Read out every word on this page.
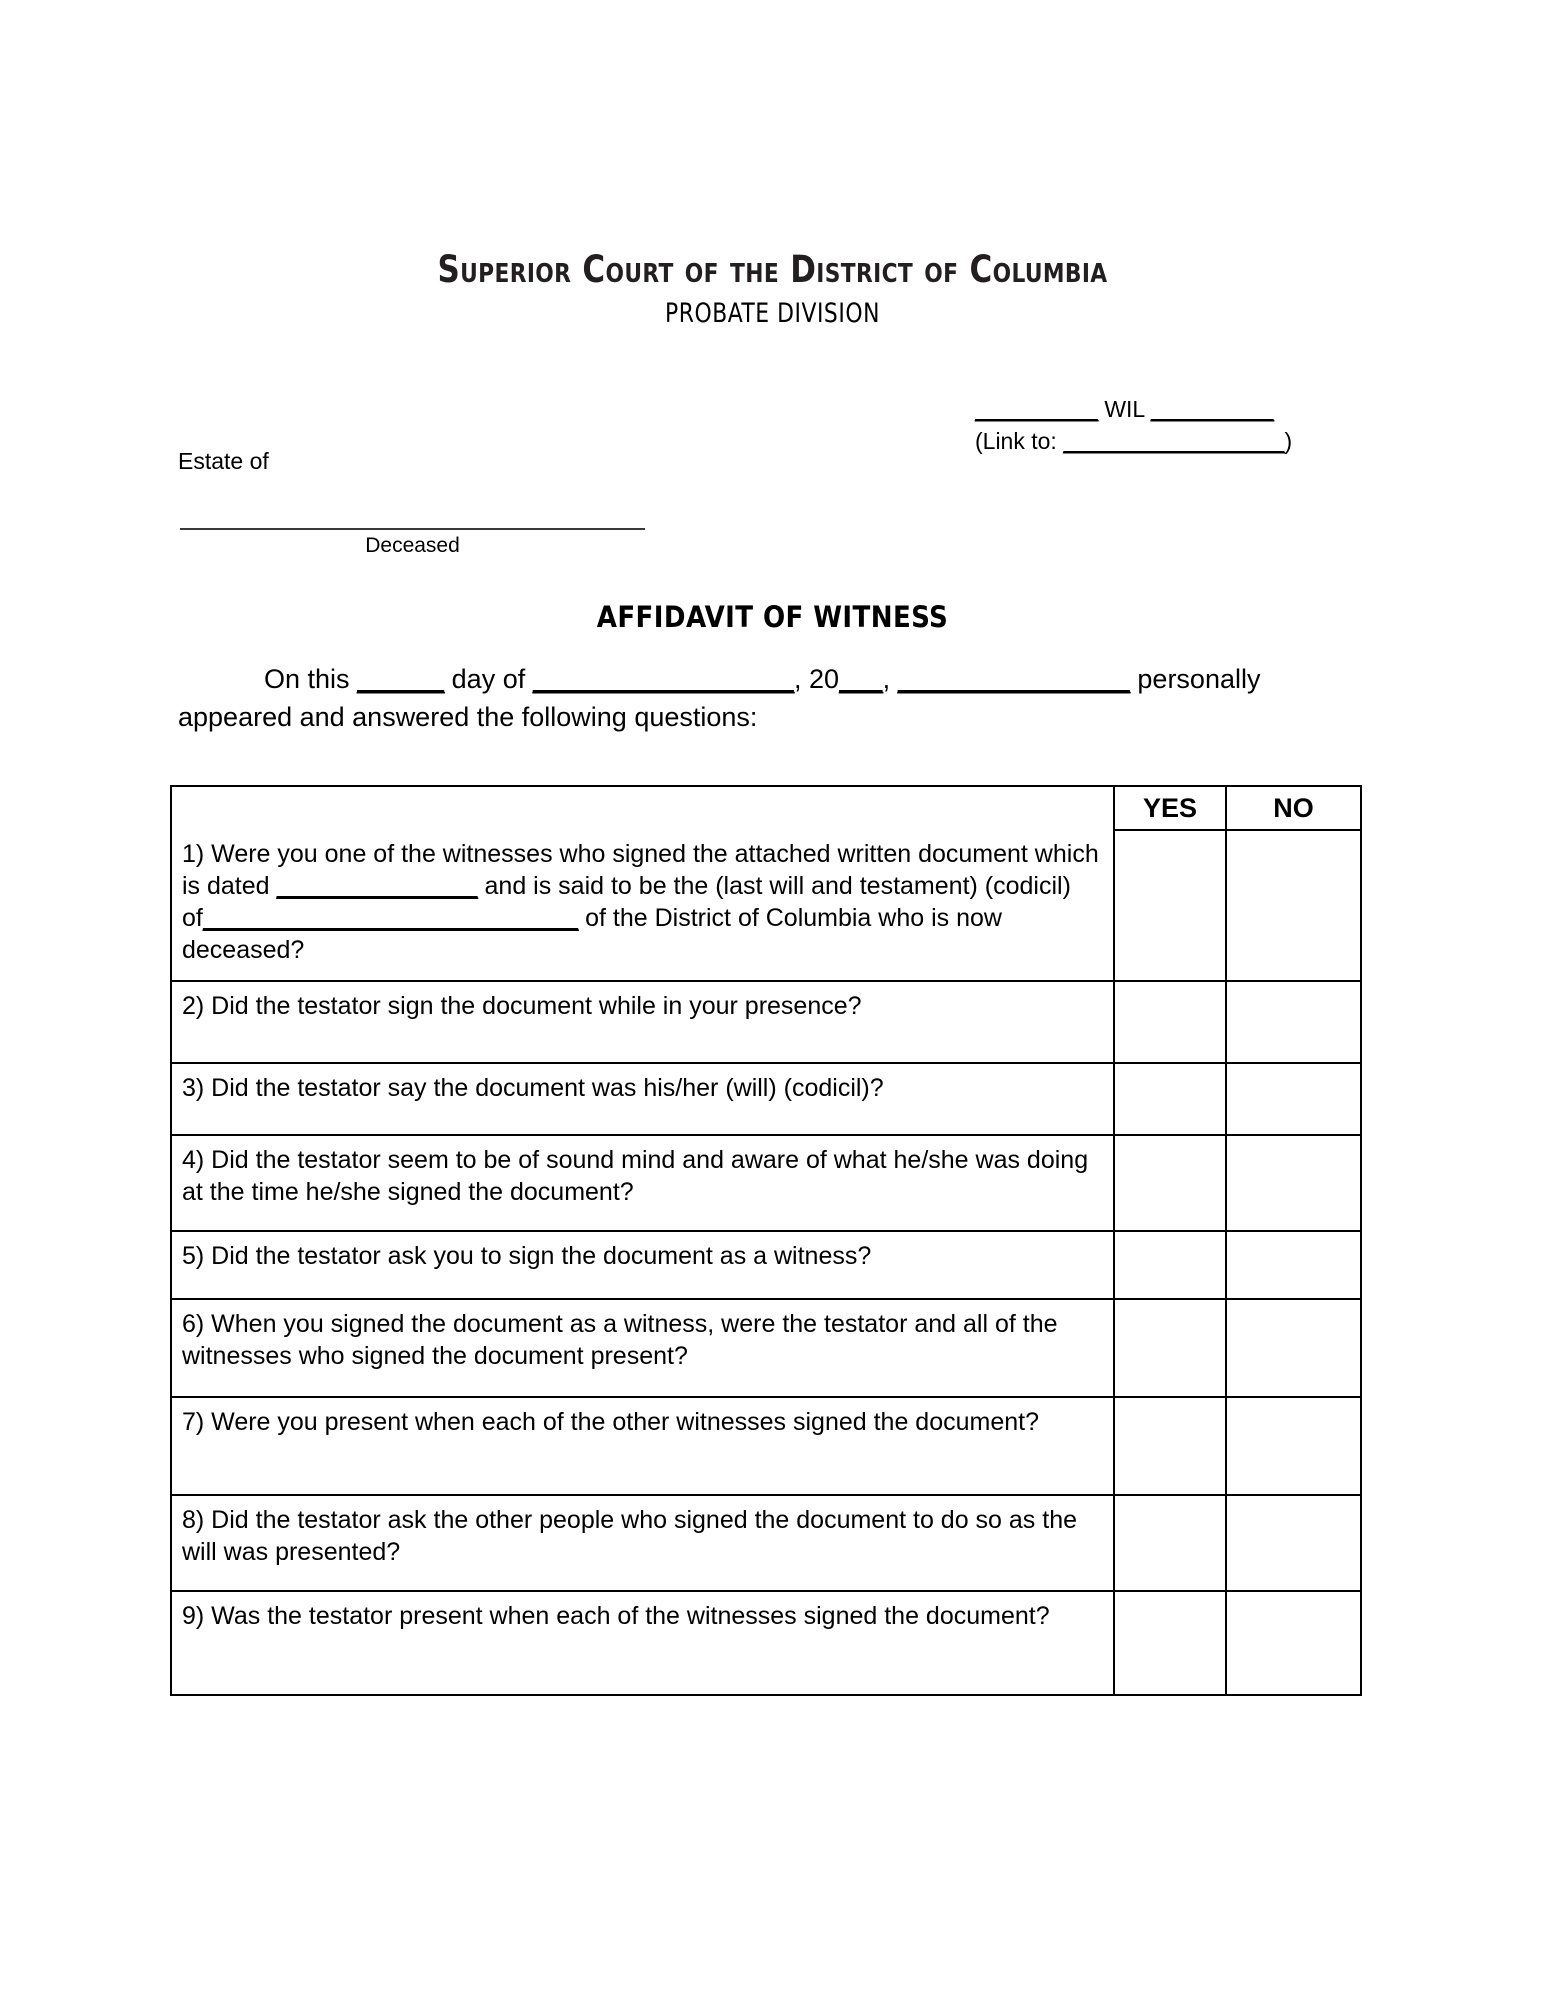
Superior Court of the District of Columbia
PROBATE DIVISION
__________ WIL __________
(Link to: __________________)
Estate of
Deceased
AFFIDAVIT OF WITNESS
On this ______ day of __________________, 20___, ________________ personally appeared and answered the following questions:
	YES	NO
1) Were you one of the witnesses who signed the attached written document which is dated _______________ and is said to be the (last will and testament) (codicil) of____________________________ of the District of Columbia who is now deceased?		
2) Did the testator sign the document while in your presence?		
3) Did the testator say the document was his/her (will) (codicil)?		
4) Did the testator seem to be of sound mind and aware of what he/she was doing at the time he/she signed the document?		
5) Did the testator ask you to sign the document as a witness?		
6) When you signed the document as a witness, were the testator and all of the witnesses who signed the document present?		
7) Were you present when each of the other witnesses signed the document?		
8) Did the testator ask the other people who signed the document to do so as the will was presented?		
9) Was the testator present when each of the witnesses signed the document?		
